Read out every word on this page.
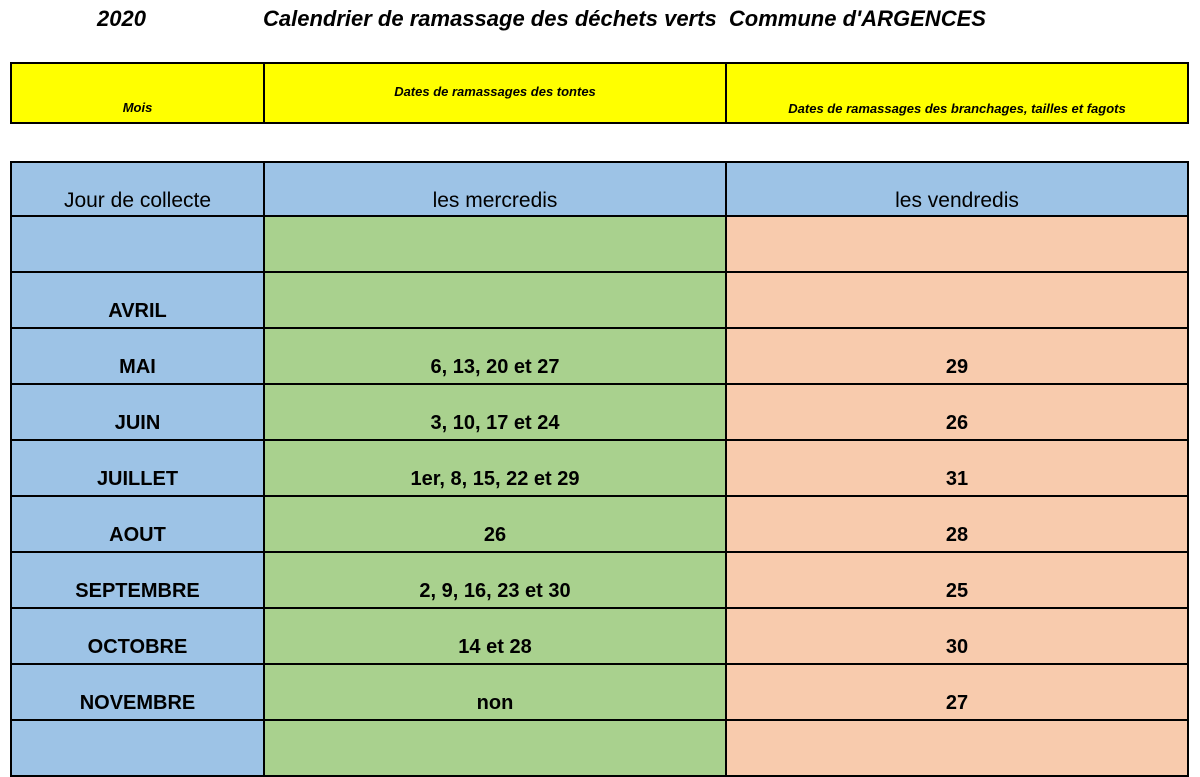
2020	Calendrier de ramassage des déchets verts  Commune d'ARGENCES
Mois	Dates de ramassages des tontes	Dates de ramassages des branchages, tailles et fagots
Jour de collecte	les mercredis	les vendredis

AVRIL		
MAI	6, 13, 20 et 27	29
JUIN	3, 10, 17 et 24	26
JUILLET	1er, 8, 15, 22 et 29	31
AOUT	26	28
SEPTEMBRE	2, 9, 16, 23 et 30	25
OCTOBRE	14 et 28	30
NOVEMBRE	non	27
